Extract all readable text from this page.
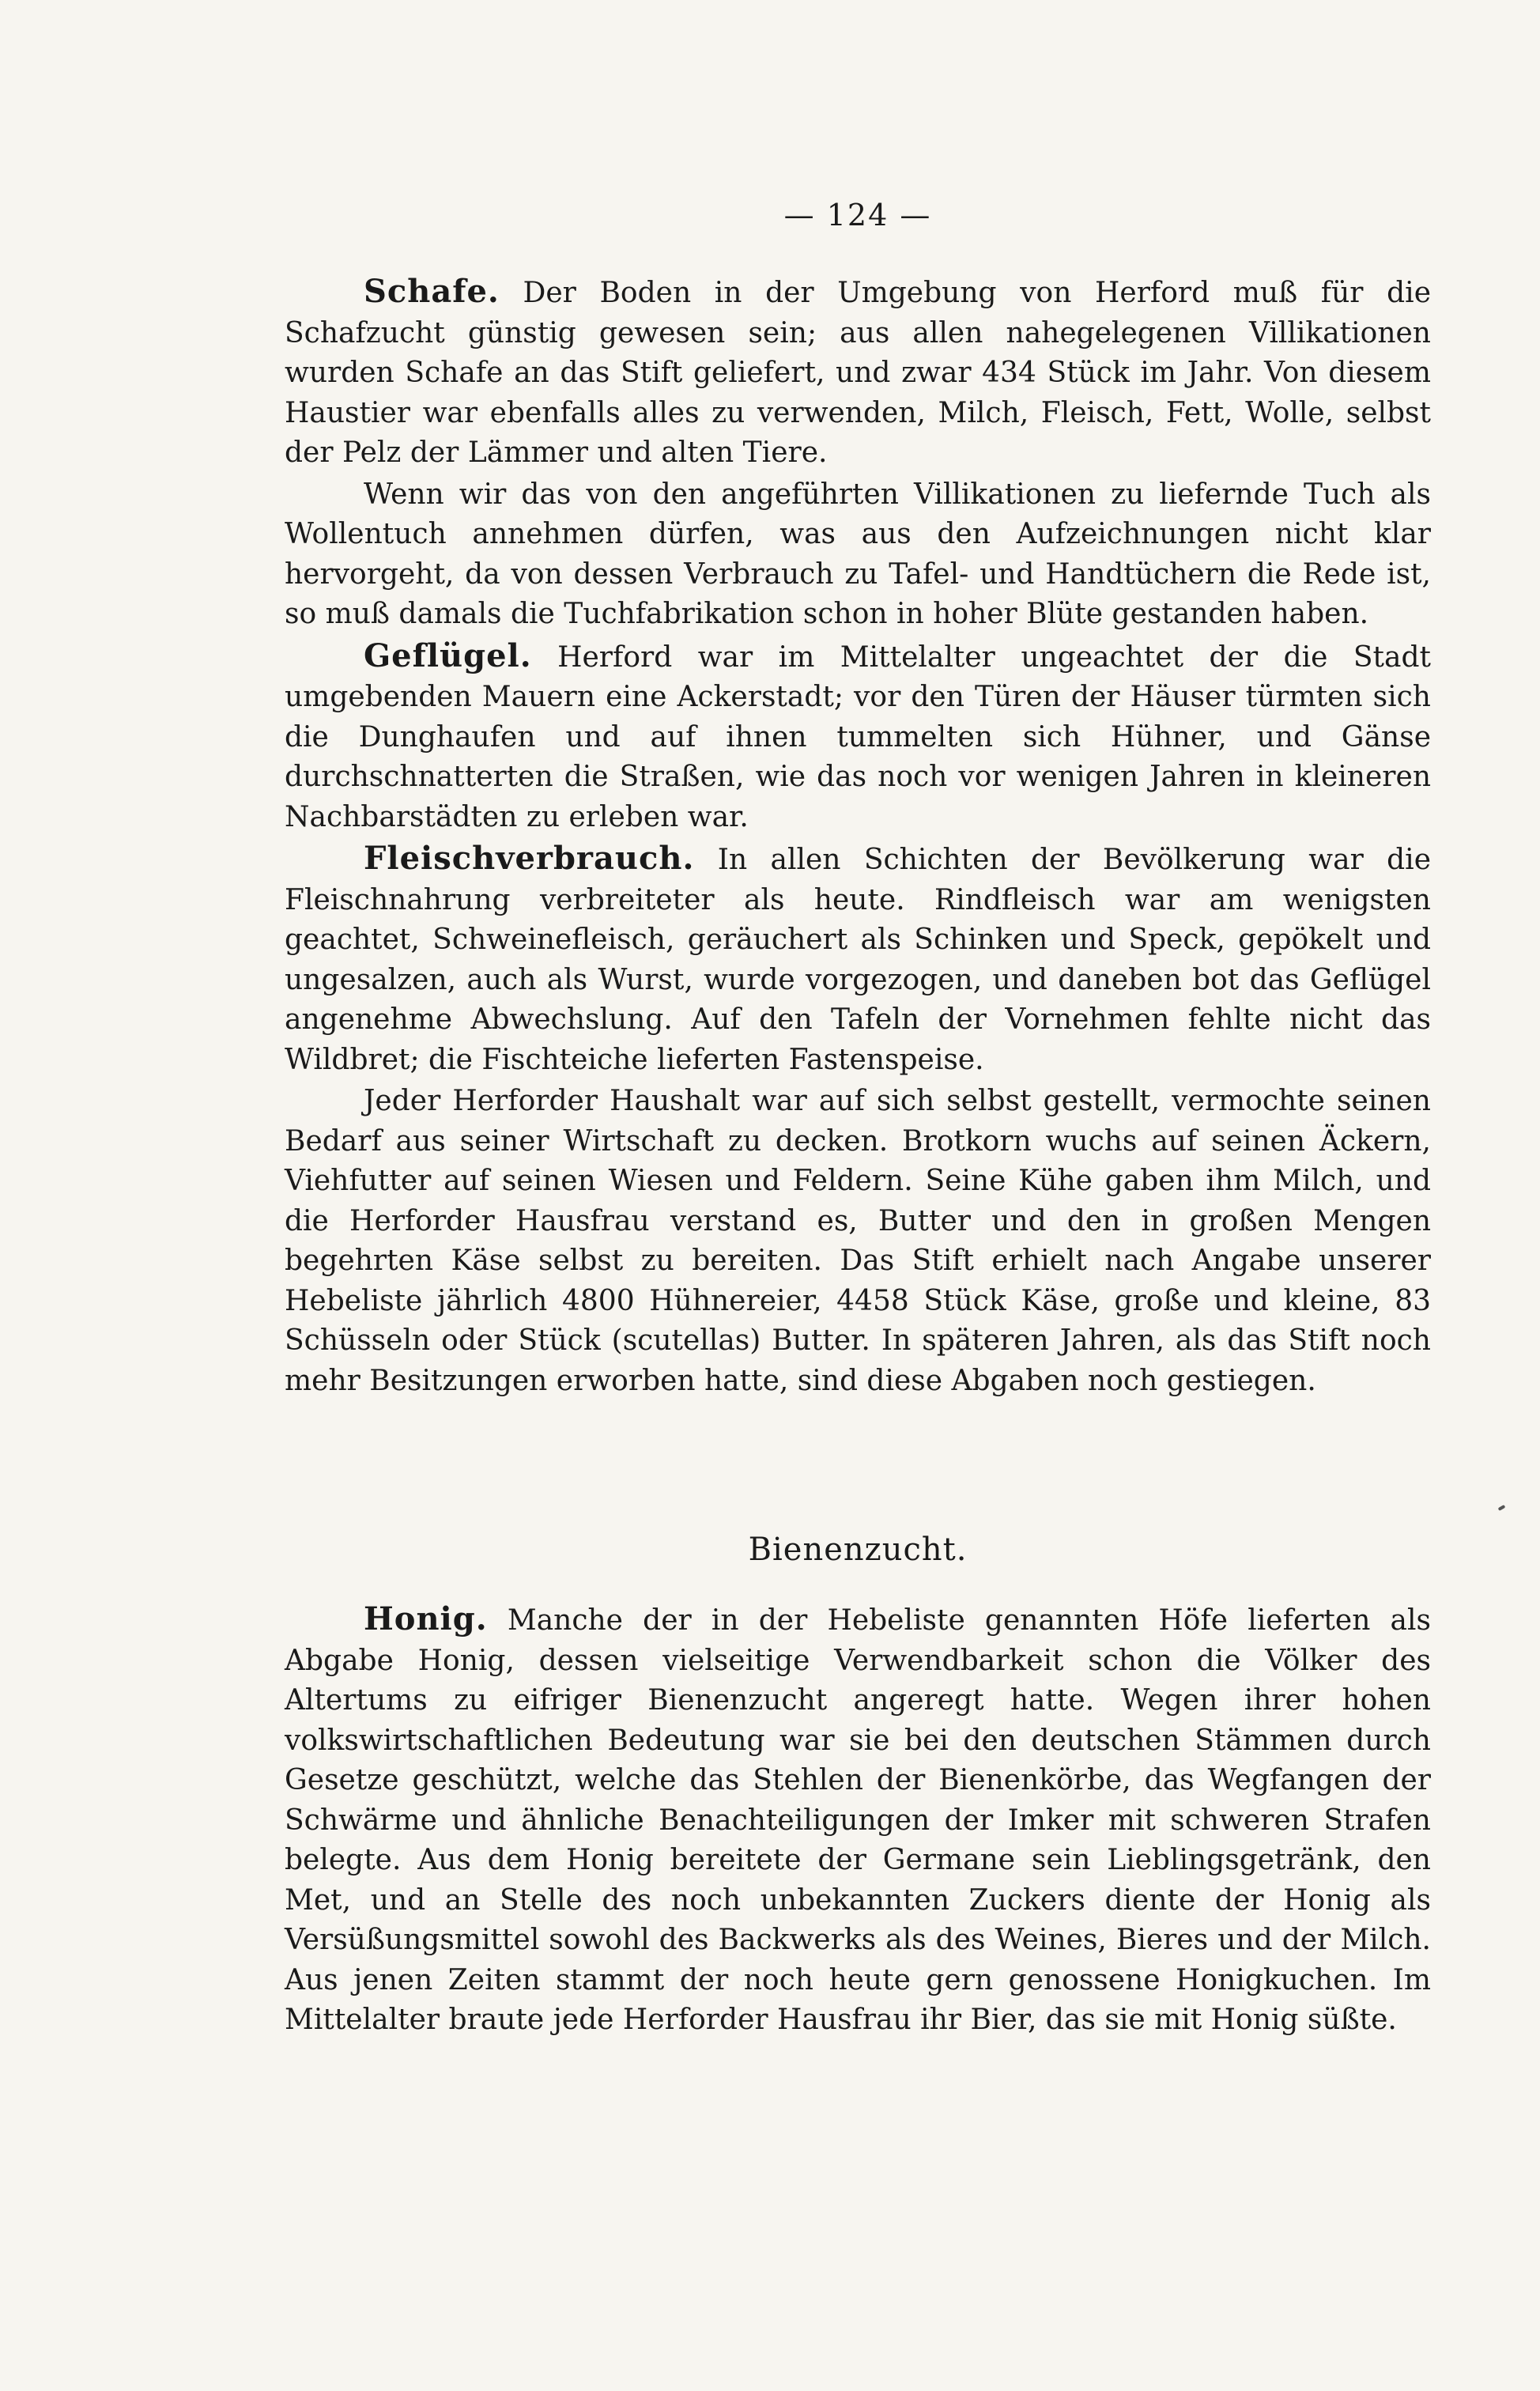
— 124 —

Schafe. Der Boden in der Umgebung von Herford muß für die Schafzucht günstig gewesen sein; aus allen nahegelegenen Villikationen wurden Schafe an das Stift geliefert, und zwar 434 Stück im Jahr. Von diesem Haustier war ebenfalls alles zu verwenden, Milch, Fleisch, Fett, Wolle, selbst der Pelz der Lämmer und alten Tiere.

Wenn wir das von den angeführten Villikationen zu liefernde Tuch als Wollentuch annehmen dürfen, was aus den Aufzeichnungen nicht klar hervorgeht, da von dessen Verbrauch zu Tafel- und Handtüchern die Rede ist, so muß damals die Tuchfabrikation schon in hoher Blüte gestanden haben.

Geflügel. Herford war im Mittelalter ungeachtet der die Stadt umgebenden Mauern eine Ackerstadt; vor den Türen der Häuser türmten sich die Dunghaufen und auf ihnen tummelten sich Hühner, und Gänse durchschnatterten die Straßen, wie das noch vor wenigen Jahren in kleineren Nachbarstädten zu erleben war.

Fleischverbrauch. In allen Schichten der Bevölkerung war die Fleischnahrung verbreiteter als heute. Rindfleisch war am wenigsten geachtet, Schweinefleisch, geräuchert als Schinken und Speck, gepökelt und ungesalzen, auch als Wurst, wurde vorgezogen, und daneben bot das Geflügel angenehme Abwechslung. Auf den Tafeln der Vornehmen fehlte nicht das Wildbret; die Fischteiche lieferten Fastenspeise.

Jeder Herforder Haushalt war auf sich selbst gestellt, vermochte seinen Bedarf aus seiner Wirtschaft zu decken. Brotkorn wuchs auf seinen Äckern, Viehfutter auf seinen Wiesen und Feldern. Seine Kühe gaben ihm Milch, und die Herforder Hausfrau verstand es, Butter und den in großen Mengen begehrten Käse selbst zu bereiten. Das Stift erhielt nach Angabe unserer Hebeliste jährlich 4800 Hühnereier, 4458 Stück Käse, große und kleine, 83 Schüsseln oder Stück (scutellas) Butter. In späteren Jahren, als das Stift noch mehr Besitzungen erworben hatte, sind diese Abgaben noch gestiegen.

Bienenzucht.

Honig. Manche der in der Hebeliste genannten Höfe lieferten als Abgabe Honig, dessen vielseitige Verwendbarkeit schon die Völker des Altertums zu eifriger Bienenzucht angeregt hatte. Wegen ihrer hohen volkswirtschaftlichen Bedeutung war sie bei den deutschen Stämmen durch Gesetze geschützt, welche das Stehlen der Bienenkörbe, das Wegfangen der Schwärme und ähnliche Benachteiligungen der Imker mit schweren Strafen belegte. Aus dem Honig bereitete der Germane sein Lieblingsgetränk, den Met, und an Stelle des noch unbekannten Zuckers diente der Honig als Versüßungsmittel sowohl des Backwerks als des Weines, Bieres und der Milch. Aus jenen Zeiten stammt der noch heute gern genossene Honigkuchen. Im Mittelalter braute jede Herforder Hausfrau ihr Bier, das sie mit Honig süßte.
